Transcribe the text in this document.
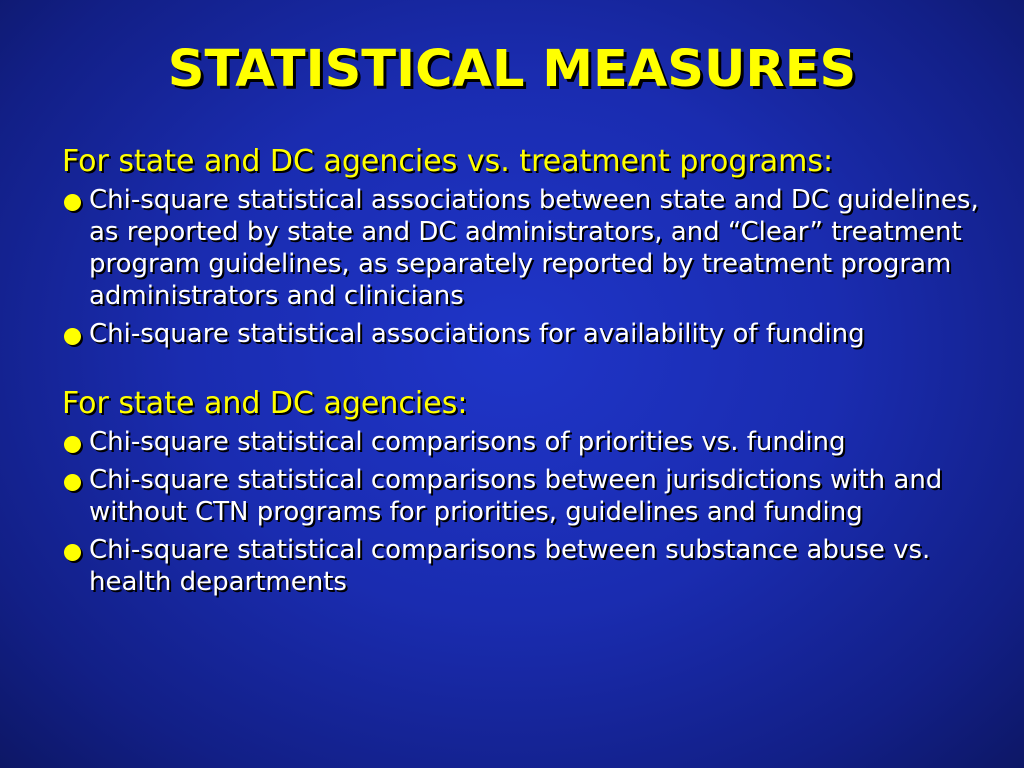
STATISTICAL MEASURES
For state and DC agencies vs. treatment programs:
Chi-square statistical associations between state and DC guidelines, as reported by state and DC administrators, and “Clear” treatment program guidelines, as separately reported by treatment program administrators and clinicians
Chi-square statistical associations for availability of funding
For state and DC agencies:
Chi-square statistical comparisons of priorities vs. funding
Chi-square statistical comparisons between jurisdictions with and without CTN programs for priorities, guidelines and funding
Chi-square statistical comparisons between substance abuse vs. health departments
